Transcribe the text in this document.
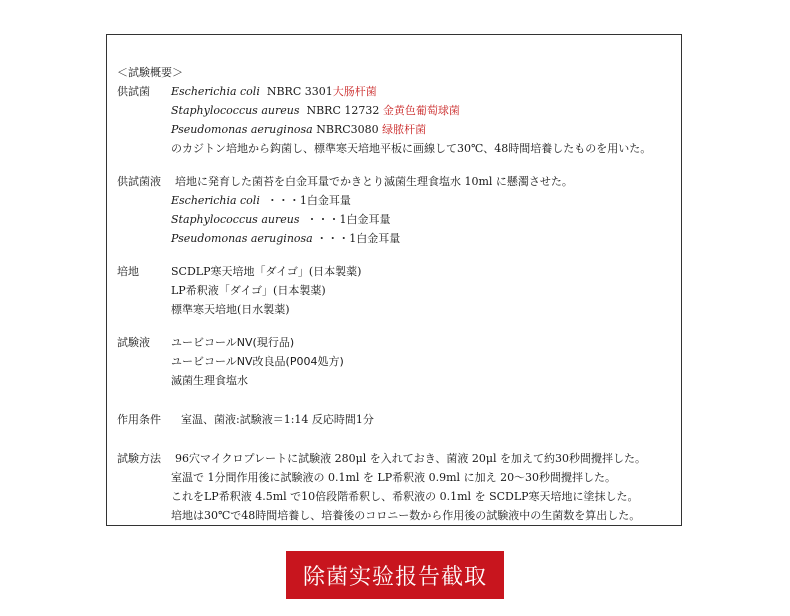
＜試験概要＞
供試菌 Escherichia coli NBRC 3301大肠杆菌
Staphylococcus aureus NBRC 12732 金黄色葡萄球菌
Pseudomonas aeruginosa NBRC3080 绿脓杆菌
のカジトン培地から鈎菌し、標準寒天培地平板に画線して30℃、48時間培養したものを用いた。
供試菌液 培地に発育した菌苔を白金耳量でかきとり滅菌生理食塩水 10ml に懸濁させた。
Escherichia coli ・・・1白金耳量
Staphylococcus aureus ・・・1白金耳量
Pseudomonas aeruginosa ・・・1白金耳量
培地	SCDLP寒天培地「ダイゴ」(日本製薬)
LP希釈液「ダイゴ」(日本製薬)
標準寒天培地(日水製薬)
試験液 ユービコールNV(現行品)
ユービコールNV改良品(P004処方)
滅菌生理食塩水
作用条件 室温、菌液:試験液＝1:14 反応時間1分
試験方法 96穴マイクロプレートに試験液 280μl を入れておき、菌液 20μl を加えて約30秒間攪拌した。
室温で 1分間作用後に試験液の 0.1ml を LP希釈液 0.9ml に加え 20～30秒間攪拌した。
これをLP希釈液 4.5ml で10倍段階希釈し、希釈液の 0.1ml を SCDLP寒天培地に塗抹した。
培地は30℃で48時間培養し、培養後のコロニー数から作用後の試験液中の生菌数を算出した。
除菌实验报告截取
